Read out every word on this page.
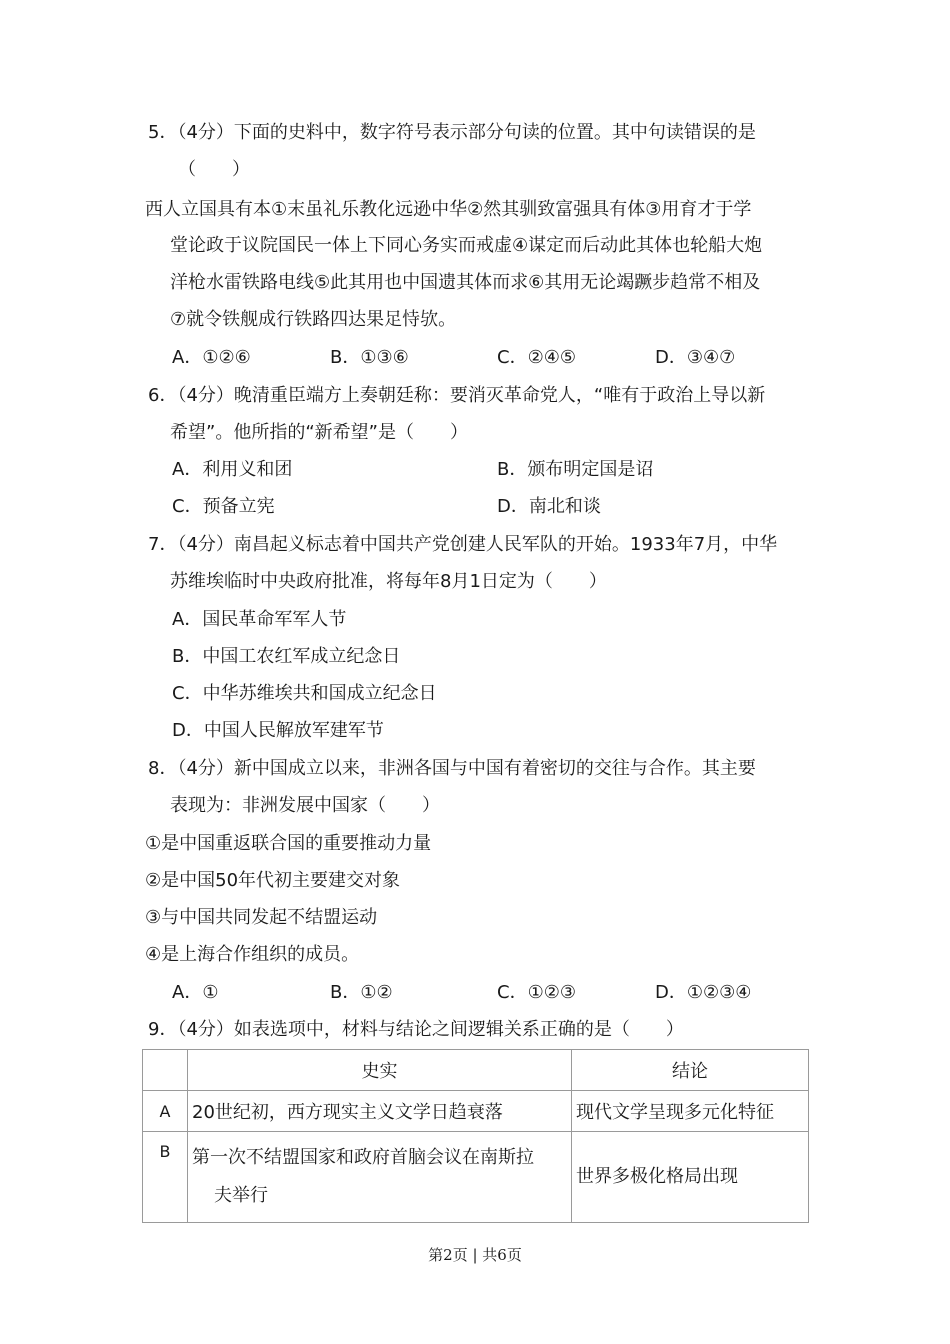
5．（4分）下面的史料中，数字符号表示部分句读的位置。其中句读错误的是
（　　）
西人立国具有本①末虽礼乐教化远逊中华②然其驯致富强具有体③用育才于学
堂论政于议院国民一体上下同心务实而戒虚④谋定而后动此其体也轮船大炮
洋枪水雷铁路电线⑤此其用也中国遗其体而求⑥其用无论竭蹶步趋常不相及
⑦就令铁舰成行铁路四达果足恃欤。
A．①②⑥	B．①③⑥	C．②④⑤	D．③④⑦
6．（4分）晚清重臣端方上奏朝廷称：要消灭革命党人，“唯有于政治上导以新
希望”。他所指的“新希望”是（　　）
A．利用义和团	B．颁布明定国是诏
C．预备立宪	D．南北和谈
7．（4分）南昌起义标志着中国共产党创建人民军队的开始。1933年7月，中华
苏维埃临时中央政府批准，将每年8月1日定为（　　）
A．国民革命军军人节
B．中国工农红军成立纪念日
C．中华苏维埃共和国成立纪念日
D．中国人民解放军建军节
8．（4分）新中国成立以来，非洲各国与中国有着密切的交往与合作。其主要
表现为：非洲发展中国家（　　）
①是中国重返联合国的重要推动力量
②是中国50年代初主要建交对象
③与中国共同发起不结盟运动
④是上海合作组织的成员。
A．①	B．①②	C．①②③	D．①②③④
9．（4分）如表选项中，材料与结论之间逻辑关系正确的是（　　）
	史实	结论
A	20世纪初，西方现实主义文学日趋衰落	现代文学呈现多元化特征
B	第一次不结盟国家和政府首脑会议在南斯拉
夫举行	世界多极化格局出现
第2页 | 共6页
